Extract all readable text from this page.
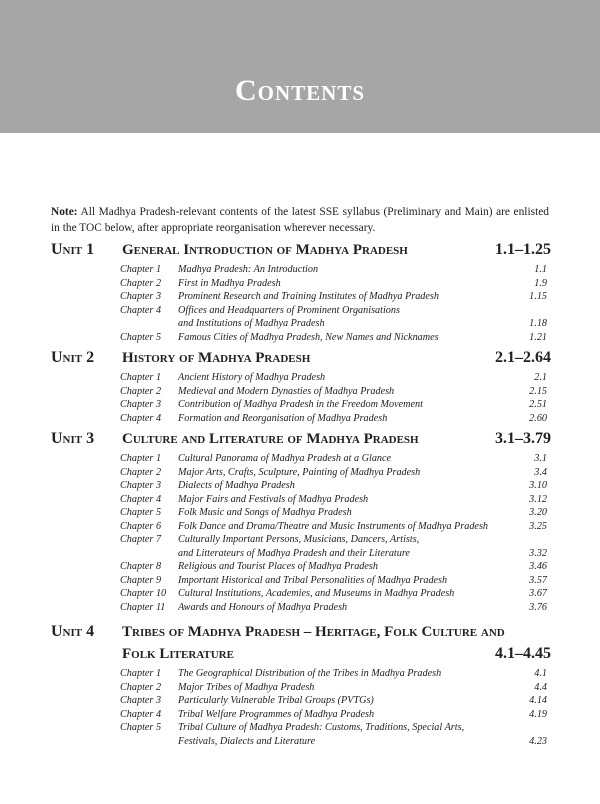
Contents
Note: All Madhya Pradesh-relevant contents of the latest SSE syllabus (Preliminary and Main) are enlisted in the TOC below, after appropriate reorganisation wherever necessary.
Unit 1 General Introduction of Madhya Pradesh	1.1–1.25
Chapter 1 Madhya Pradesh: An Introduction	1.1
Chapter 2 First in Madhya Pradesh	1.9
Chapter 3 Prominent Research and Training Institutes of Madhya Pradesh	1.15
Chapter 4 Offices and Headquarters of Prominent Organisations
and Institutions of Madhya Pradesh	1.18
Chapter 5 Famous Cities of Madhya Pradesh, New Names and Nicknames	1.21
Unit 2 History of Madhya Pradesh	2.1–2.64
Chapter 1 Ancient History of Madhya Pradesh	2.1
Chapter 2 Medieval and Modern Dynasties of Madhya Pradesh	2.15
Chapter 3 Contribution of Madhya Pradesh in the Freedom Movement	2.51
Chapter 4 Formation and Reorganisation of Madhya Pradesh	2.60
Unit 3 Culture and Literature of Madhya Pradesh	3.1–3.79
Chapter 1 Cultural Panorama of Madhya Pradesh at a Glance	3.1
Chapter 2 Major Arts, Crafts, Sculpture, Painting of Madhya Pradesh	3.4
Chapter 3 Dialects of Madhya Pradesh	3.10
Chapter 4 Major Fairs and Festivals of Madhya Pradesh	3.12
Chapter 5 Folk Music and Songs of Madhya Pradesh	3.20
Chapter 6 Folk Dance and Drama/Theatre and Music Instruments of Madhya Pradesh	3.25
Chapter 7 Culturally Important Persons, Musicians, Dancers, Artists,
and Litterateurs of Madhya Pradesh and their Literature	3.32
Chapter 8 Religious and Tourist Places of Madhya Pradesh	3.46
Chapter 9 Important Historical and Tribal Personalities of Madhya Pradesh	3.57
Chapter 10 Cultural Institutions, Academies, and Museums in Madhya Pradesh	3.67
Chapter 11 Awards and Honours of Madhya Pradesh	3.76
Unit 4 Tribes of Madhya Pradesh – Heritage, Folk Culture and
Folk Literature	4.1–4.45
Chapter 1 The Geographical Distribution of the Tribes in Madhya Pradesh	4.1
Chapter 2 Major Tribes of Madhya Pradesh	4.4
Chapter 3 Particularly Vulnerable Tribal Groups (PVTGs)	4.14
Chapter 4 Tribal Welfare Programmes of Madhya Pradesh	4.19
Chapter 5 Tribal Culture of Madhya Pradesh: Customs, Traditions, Special Arts,
Festivals, Dialects and Literature	4.23
